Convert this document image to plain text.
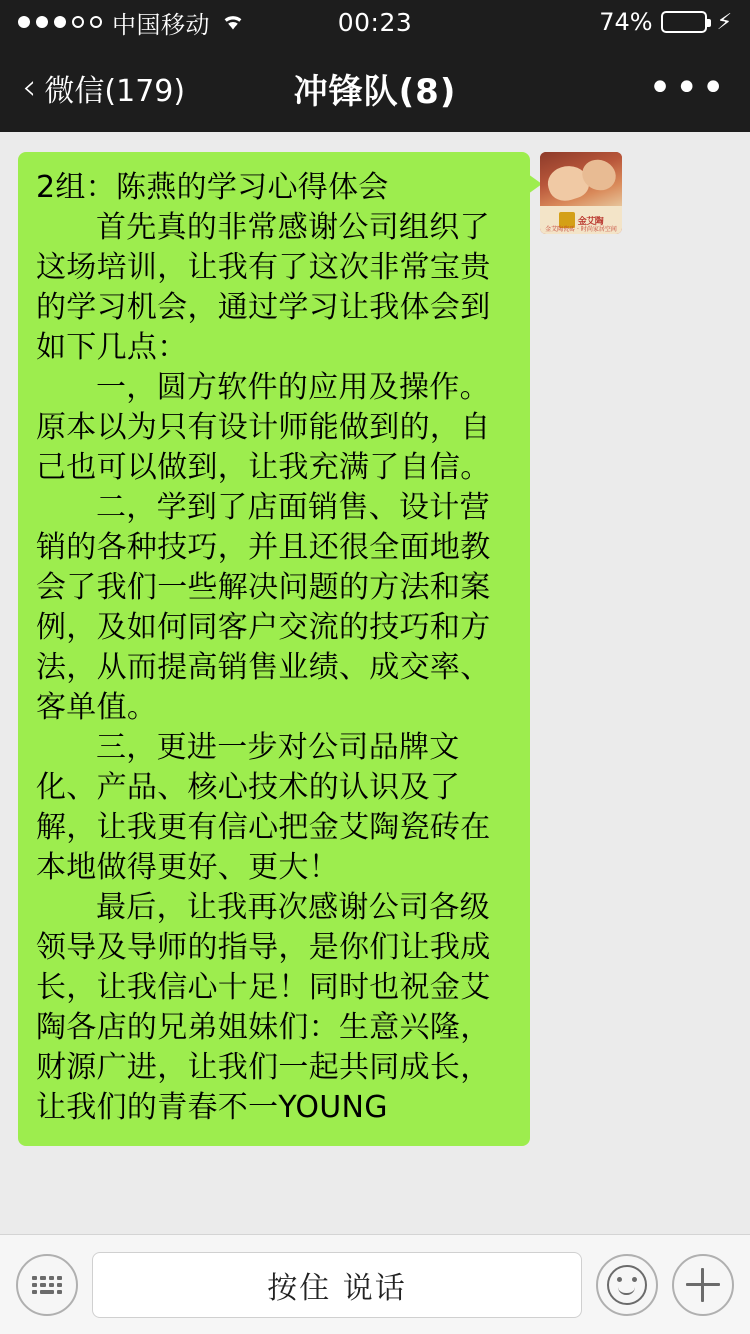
中国移动	00:23	74%	⚡
‹ 微信(179)	冲锋队(8)	•••

2组：陈燕的学习心得体会

首先真的非常感谢公司组织了这场培训，让我有了这次非常宝贵的学习机会，通过学习让我体会到如下几点：

一，圆方软件的应用及操作。原本以为只有设计师能做到的，自己也可以做到，让我充满了自信。

二，学到了店面销售、设计营销的各种技巧，并且还很全面地教会了我们一些解决问题的方法和案例，及如何同客户交流的技巧和方法，从而提高销售业绩、成交率、客单值。

三，更进一步对公司品牌文化、产品、核心技术的认识及了解，让我更有信心把金艾陶瓷砖在本地做得更好、更大！

最后，让我再次感谢公司各级领导及导师的指导，是你们让我成长，让我信心十足！同时也祝金艾陶各店的兄弟姐妹们：生意兴隆，财源广进，让我们一起共同成长，让我们的青春不一YOUNG

金艾陶
金艾陶瓷砖 · 时尚家居空间
按住 说话
